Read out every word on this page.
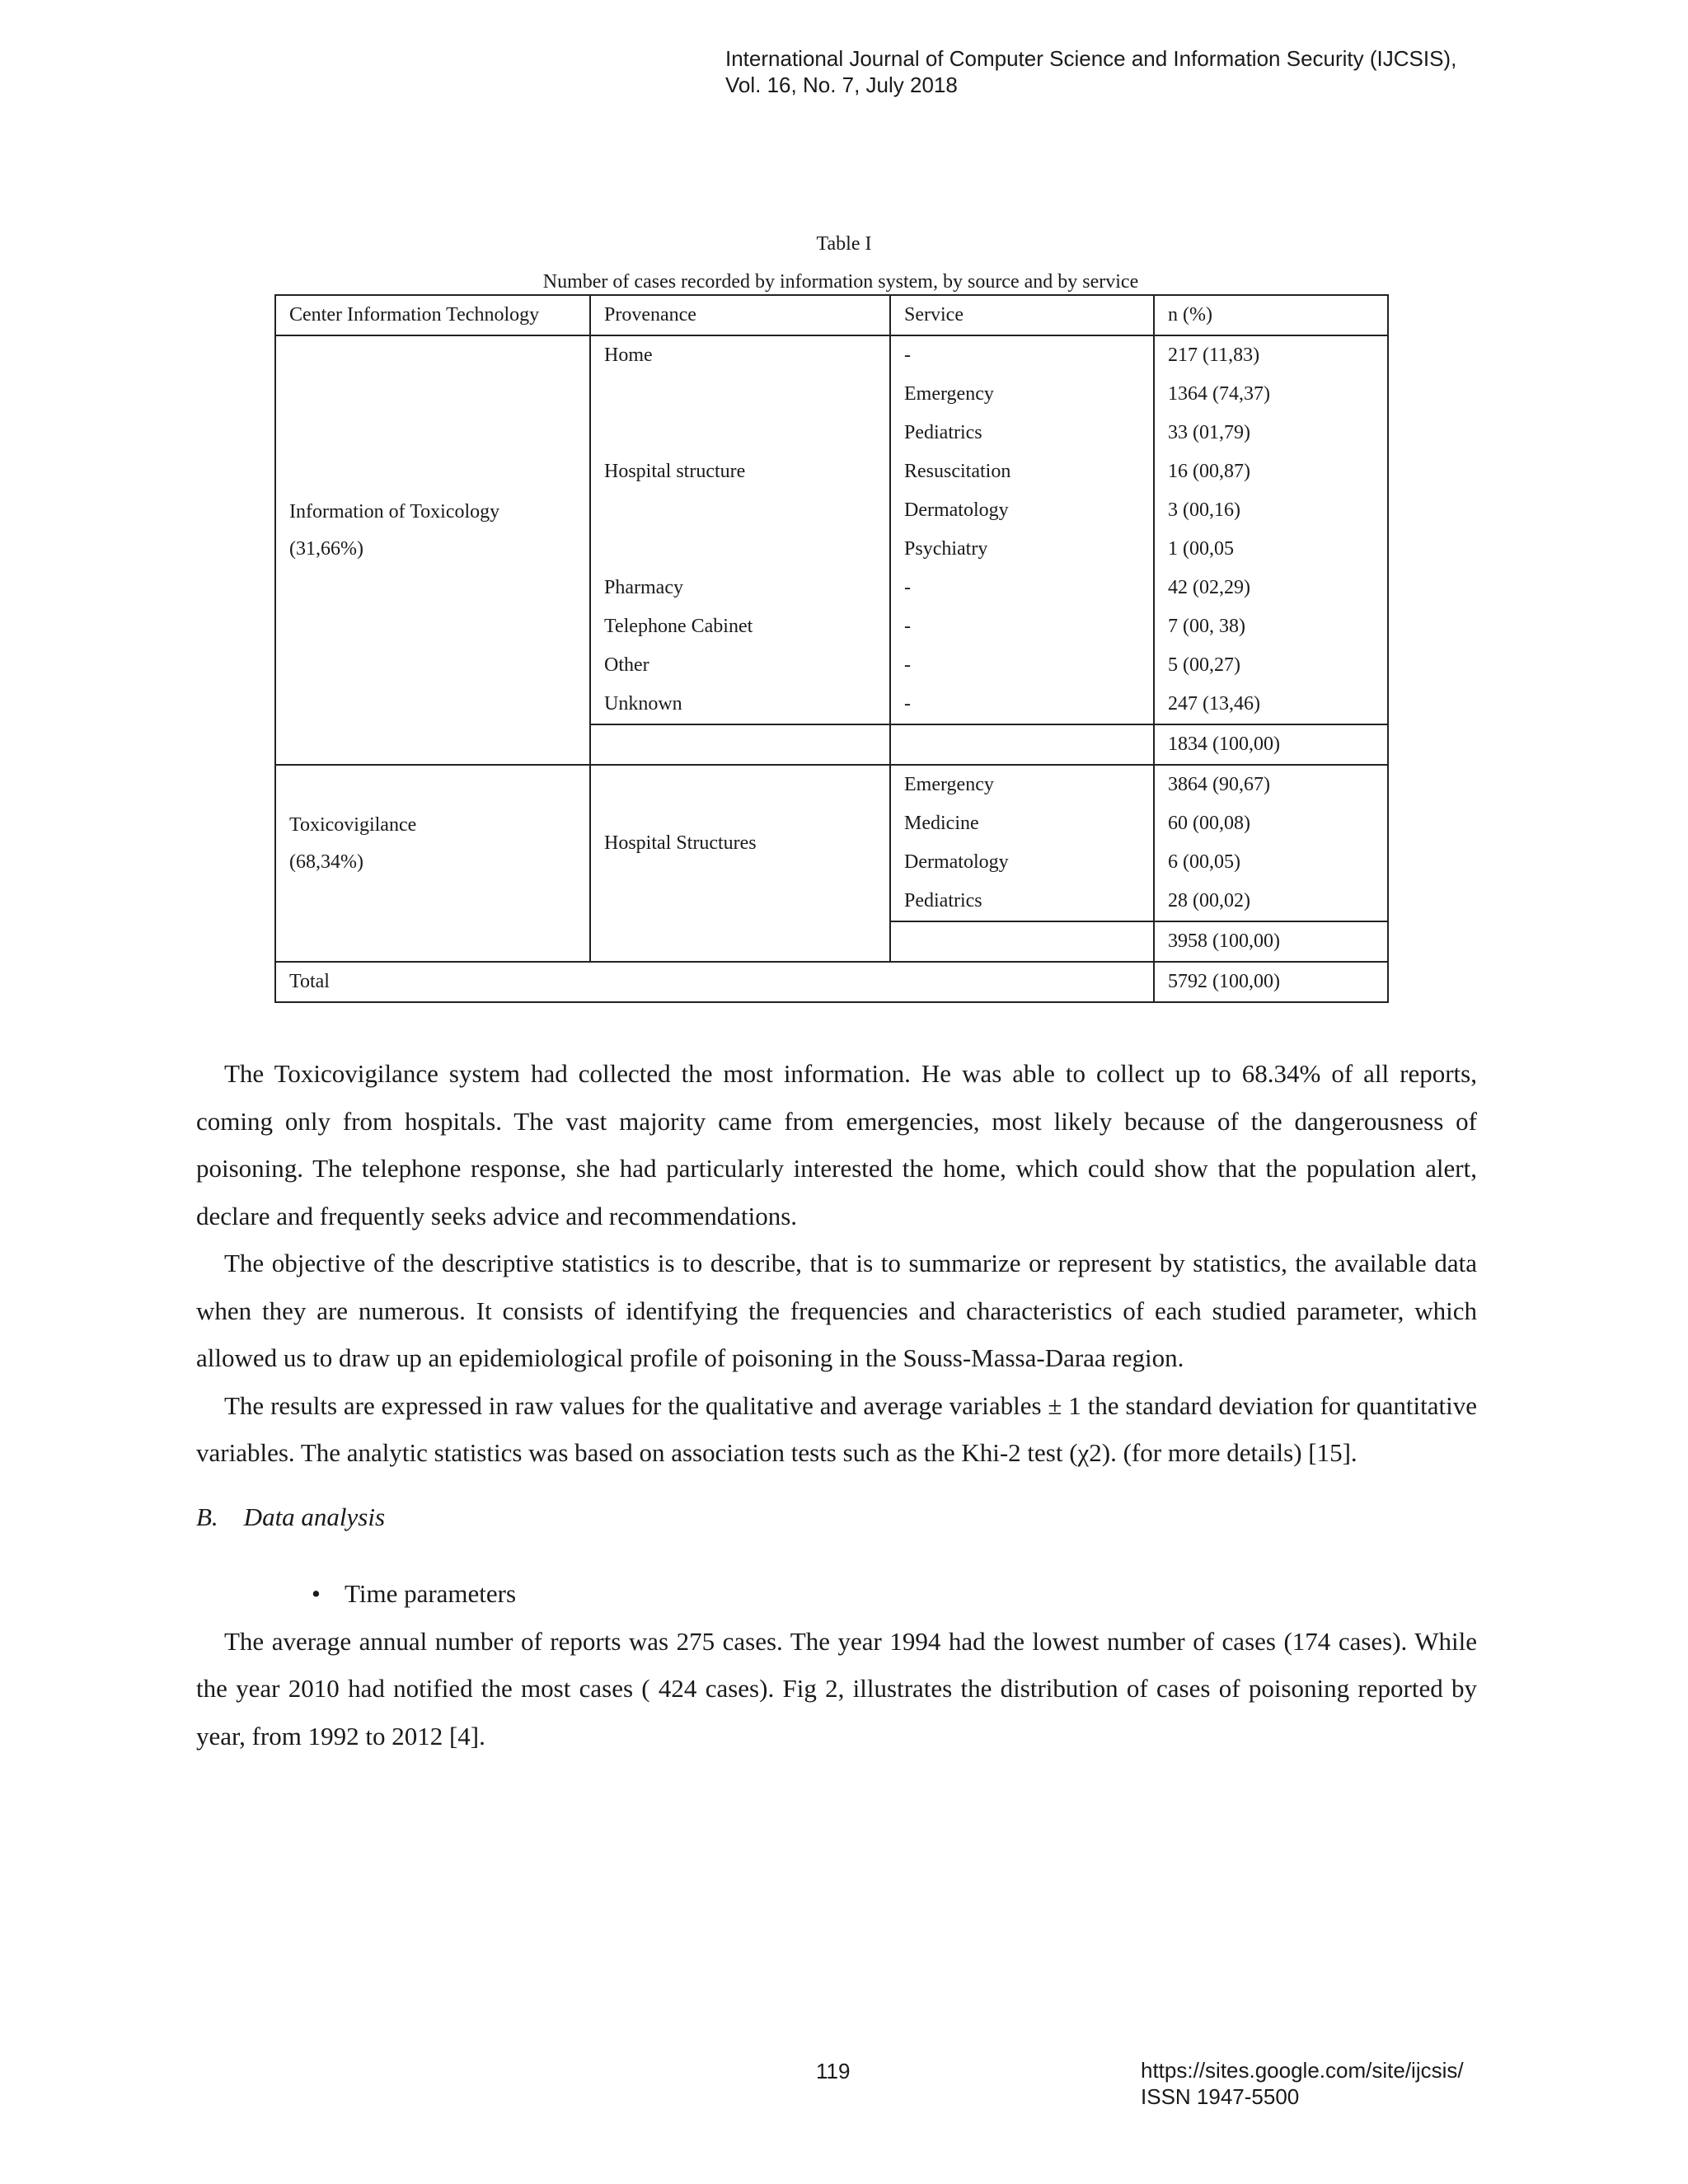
International Journal of Computer Science and Information Security (IJCSIS),
Vol. 16, No. 7, July 2018
Table I
Number of cases recorded by information system, by source and by service
Center Information Technology	Provenance	Service	n (%)

Information of Toxicology
(31,66%)	Home	-	217 (11,83)
	Hospital structure	Emergency	1364 (74,37)
		Pediatrics	33 (01,79)
		Resuscitation	16 (00,87)
		Dermatology	3 (00,16)
		Psychiatry	1 (00,05
	Pharmacy	-	42 (02,29)
	Telephone Cabinet	-	7 (00, 38)
	Other	-	5 (00,27)
	Unknown	-	247 (13,46)
			1834 (100,00)

Toxicovigilance
(68,34%)	Hospital Structures	Emergency	3864 (90,67)
		Medicine	60 (00,08)
		Dermatology	6 (00,05)
		Pediatrics	28 (00,02)
			3958 (100,00)
Total			5792 (100,00)

The Toxicovigilance system had collected the most information. He was able to collect up to 68.34% of all reports, coming only from hospitals. The vast majority came from emergencies, most likely because of the dangerousness of poisoning. The telephone response, she had particularly interested the home, which could show that the population alert, declare and frequently seeks advice and recommendations.

The objective of the descriptive statistics is to describe, that is to summarize or represent by statistics, the available data when they are numerous. It consists of identifying the frequencies and characteristics of each studied parameter, which allowed us to draw up an epidemiological profile of poisoning in the Souss-Massa-Daraa region.

The results are expressed in raw values for the qualitative and average variables ± 1 the standard deviation for quantitative variables. The analytic statistics was based on association tests such as the Khi-2 test (χ2). (for more details) [15].

B.    Data analysis

• Time parameters

The average annual number of reports was 275 cases. The year 1994 had the lowest number of cases (174 cases). While the year 2010 had notified the most cases ( 424 cases). Fig 2, illustrates the distribution of cases of poisoning reported by year, from 1992 to 2012 [4].

119	https://sites.google.com/site/ijcsis/
ISSN 1947-5500
